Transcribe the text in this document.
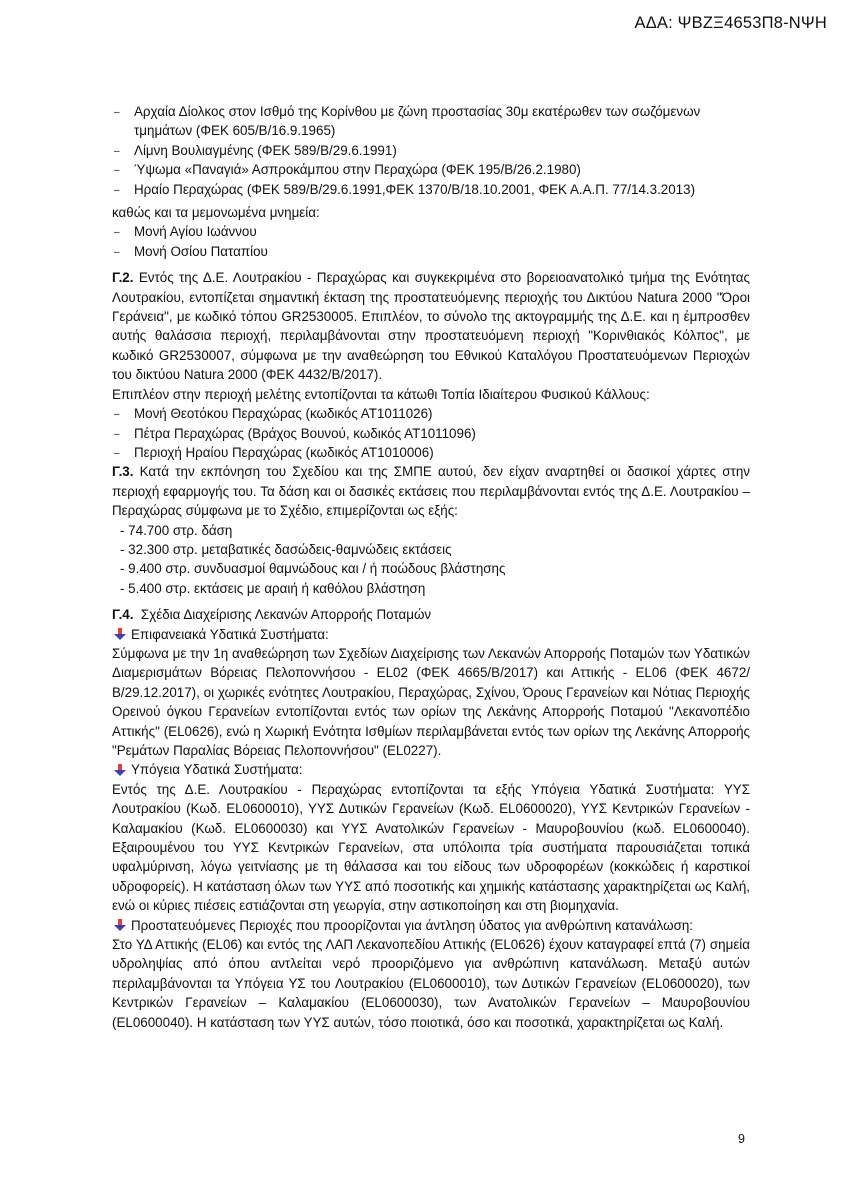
ΑΔΑ: ΨΒΖΞ4653Π8-ΝΨΗ
– Αρχαία Δίολκος στον Ισθμό της Κορίνθου με ζώνη προστασίας 30μ εκατέρωθεν των σωζόμενων τμημάτων (ΦΕΚ 605/Β/16.9.1965)
– Λίμνη Βουλιαγμένης (ΦΕΚ 589/Β/29.6.1991)
– Ύψωμα «Παναγιά» Ασπροκάμπου στην Περαχώρα (ΦΕΚ 195/Β/26.2.1980)
– Ηραίο Περαχώρας (ΦΕΚ 589/Β/29.6.1991,ΦΕΚ 1370/Β/18.10.2001, ΦΕΚ Α.Α.Π. 77/14.3.2013)

καθώς και τα μεμονωμένα μνημεία:

– Μονή Αγίου Ιωάννου
– Μονή Οσίου Παταπίου

Γ.2. Εντός της Δ.Ε. Λουτρακίου - Περαχώρας και συγκεκριμένα στο βορειοανατολικό τμήμα της Ενότητας Λουτρακίου, εντοπίζεται σημαντική έκταση της προστατευόμενης περιοχής του Δικτύου Natura 2000 "Όροι Γεράνεια", με κωδικό τόπου GR2530005. Επιπλέον, το σύνολο της ακτογραμμής της Δ.Ε. και η έμπροσθεν αυτής θαλάσσια περιοχή, περιλαμβάνονται στην προστατευόμενη περιοχή "Κορινθιακός Κόλπος", με κωδικό GR2530007, σύμφωνα με την αναθεώρηση του Εθνικού Καταλόγου Προστατευόμενων Περιοχών του δικτύου Natura 2000 (ΦΕΚ 4432/Β/2017).

Επιπλέον στην περιοχή μελέτης εντοπίζονται τα κάτωθι Τοπία Ιδιαίτερου Φυσικού Κάλλους:

– Μονή Θεοτόκου Περαχώρας (κωδικός ΑΤ1011026)
– Πέτρα Περαχώρας (Βράχος Βουνού, κωδικός ΑΤ1011096)
– Περιοχή Ηραίου Περαχώρας (κωδικός ΑΤ1010006)

Γ.3. Κατά την εκπόνηση του Σχεδίου και της ΣΜΠΕ αυτού, δεν είχαν αναρτηθεί οι δασικοί χάρτες στην περιοχή εφαρμογής του. Τα δάση και οι δασικές εκτάσεις που περιλαμβάνονται εντός της Δ.Ε. Λουτρακίου – Περαχώρας σύμφωνα με το Σχέδιο, επιμερίζονται ως εξής:

- 74.700 στρ. δάση
- 32.300 στρ. μεταβατικές δασώδεις-θαμνώδεις εκτάσεις
- 9.400 στρ. συνδυασμοί θαμνώδους και / ή ποώδους βλάστησης
- 5.400 στρ. εκτάσεις με αραιή ή καθόλου βλάστηση

Γ.4. Σχέδια Διαχείρισης Λεκανών Απορροής Ποταμών

Επιφανειακά Υδατικά Συστήματα:

Σύμφωνα με την 1η αναθεώρηση των Σχεδίων Διαχείρισης των Λεκανών Απορροής Ποταμών των Υδατικών Διαμερισμάτων Βόρειας Πελοποννήσου - EL02 (ΦΕΚ 4665/Β/2017) και Αττικής - EL06 (ΦΕΚ 4672/Β/29.12.2017), οι χωρικές ενότητες Λουτρακίου, Περαχώρας, Σχίνου, Όρους Γερανείων και Νότιας Περιοχής Ορεινού όγκου Γερανείων εντοπίζονται εντός των ορίων της Λεκάνης Απορροής Ποταμού "Λεκανοπέδιο Αττικής" (EL0626), ενώ η Χωρική Ενότητα Ισθμίων περιλαμβάνεται εντός των ορίων της Λεκάνης Απορροής "Ρεμάτων Παραλίας Βόρειας Πελοποννήσου" (EL0227).

Υπόγεια Υδατικά Συστήματα:

Εντός της Δ.Ε. Λουτρακίου - Περαχώρας εντοπίζονται τα εξής Υπόγεια Υδατικά Συστήματα: ΥΥΣ Λουτρακίου (Κωδ. EL0600010), ΥΥΣ Δυτικών Γερανείων (Κωδ. EL0600020), ΥΥΣ Κεντρικών Γερανείων - Καλαμακίου (Κωδ. EL0600030) και ΥΥΣ Ανατολικών Γερανείων - Μαυροβουνίου (κωδ. EL0600040). Εξαιρουμένου του ΥΥΣ Κεντρικών Γερανείων, στα υπόλοιπα τρία συστήματα παρουσιάζεται τοπικά υφαλμύρινση, λόγω γειτνίασης με τη θάλασσα και του είδους των υδροφορέων (κοκκώδεις ή καρστικοί υδροφορείς). Η κατάσταση όλων των ΥΥΣ από ποσοτικής και χημικής κατάστασης χαρακτηρίζεται ως Καλή, ενώ οι κύριες πιέσεις εστιάζονται στη γεωργία, στην αστικοποίηση και στη βιομηχανία.

Προστατευόμενες Περιοχές που προορίζονται για άντληση ύδατος για ανθρώπινη κατανάλωση:

Στο ΥΔ Αττικής (EL06) και εντός της ΛΑΠ Λεκανοπεδίου Αττικής (EL0626) έχουν καταγραφεί επτά (7) σημεία υδροληψίας από όπου αντλείται νερό προοριζόμενο για ανθρώπινη κατανάλωση. Μεταξύ αυτών περιλαμβάνονται τα Υπόγεια ΥΣ του Λουτρακίου (EL0600010), των Δυτικών Γερανείων (EL0600020), των Κεντρικών Γερανείων – Καλαμακίου (EL0600030), των Ανατολικών Γερανείων – Μαυροβουνίου (EL0600040). Η κατάσταση των ΥΥΣ αυτών, τόσο ποιοτικά, όσο και ποσοτικά, χαρακτηρίζεται ως Καλή.

9
